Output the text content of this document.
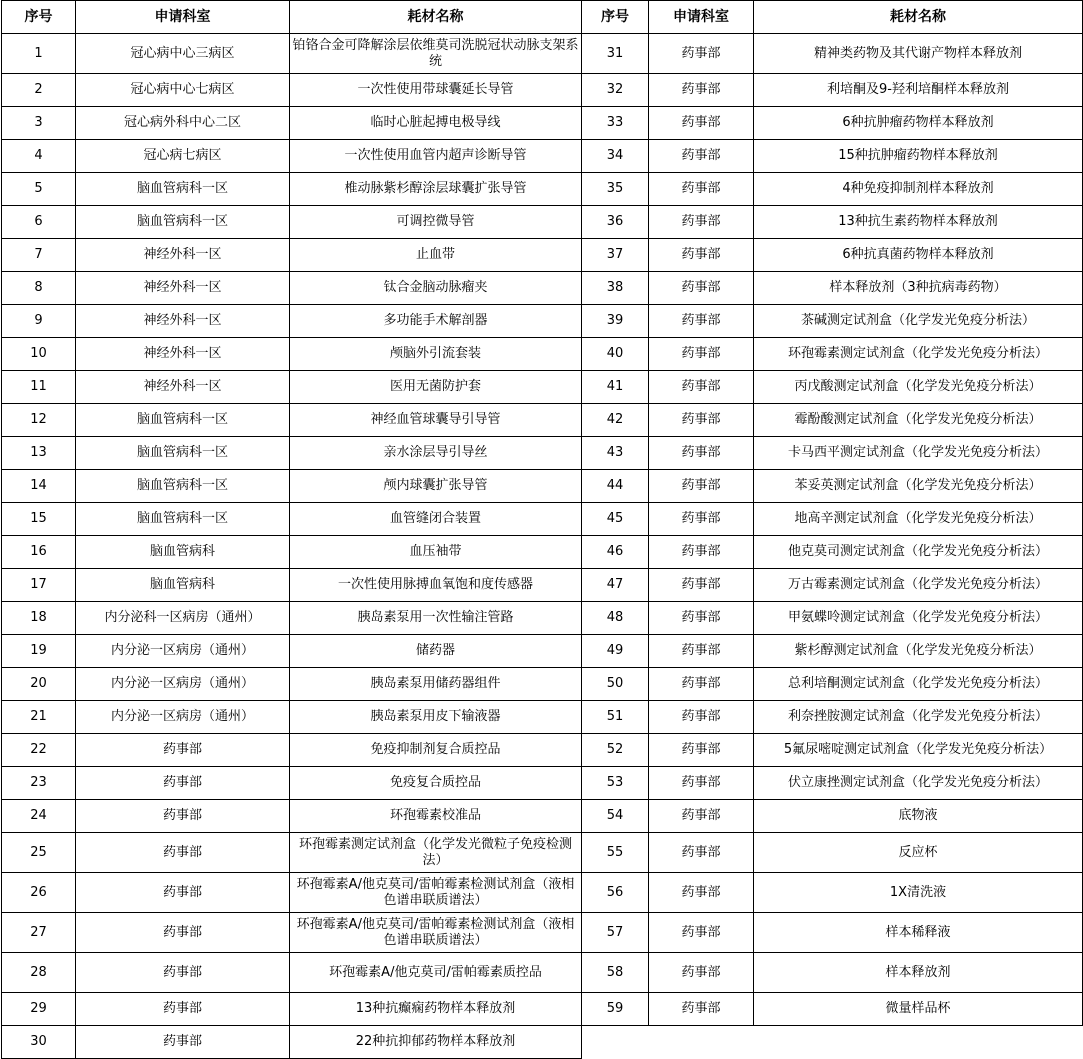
序号	申请科室	耗材名称	序号	申请科室	耗材名称
1	冠心病中心三病区	铂铬合金可降解涂层依维莫司洗脱冠状动脉支架系统	31	药事部	精神类药物及其代谢产物样本释放剂
2	冠心病中心七病区	一次性使用带球囊延长导管	32	药事部	利培酮及9-羟利培酮样本释放剂
3	冠心病外科中心二区	临时心脏起搏电极导线	33	药事部	6种抗肿瘤药物样本释放剂
4	冠心病七病区	一次性使用血管内超声诊断导管	34	药事部	15种抗肿瘤药物样本释放剂
5	脑血管病科一区	椎动脉紫杉醇涂层球囊扩张导管	35	药事部	4种免疫抑制剂样本释放剂
6	脑血管病科一区	可调控微导管	36	药事部	13种抗生素药物样本释放剂
7	神经外科一区	止血带	37	药事部	6种抗真菌药物样本释放剂
8	神经外科一区	钛合金脑动脉瘤夹	38	药事部	样本释放剂（3种抗病毒药物）
9	神经外科一区	多功能手术解剖器	39	药事部	茶碱测定试剂盒（化学发光免疫分析法）
10	神经外科一区	颅脑外引流套装	40	药事部	环孢霉素测定试剂盒（化学发光免疫分析法）
11	神经外科一区	医用无菌防护套	41	药事部	丙戊酸测定试剂盒（化学发光免疫分析法）
12	脑血管病科一区	神经血管球囊导引导管	42	药事部	霉酚酸测定试剂盒（化学发光免疫分析法）
13	脑血管病科一区	亲水涂层导引导丝	43	药事部	卡马西平测定试剂盒（化学发光免疫分析法）
14	脑血管病科一区	颅内球囊扩张导管	44	药事部	苯妥英测定试剂盒（化学发光免疫分析法）
15	脑血管病科一区	血管缝闭合装置	45	药事部	地高辛测定试剂盒（化学发光免疫分析法）
16	脑血管病科	血压袖带	46	药事部	他克莫司测定试剂盒（化学发光免疫分析法）
17	脑血管病科	一次性使用脉搏血氧饱和度传感器	47	药事部	万古霉素测定试剂盒（化学发光免疫分析法）
18	内分泌科一区病房（通州）	胰岛素泵用一次性输注管路	48	药事部	甲氨蝶呤测定试剂盒（化学发光免疫分析法）
19	内分泌一区病房（通州）	储药器	49	药事部	紫杉醇测定试剂盒（化学发光免疫分析法）
20	内分泌一区病房（通州）	胰岛素泵用储药器组件	50	药事部	总利培酮测定试剂盒（化学发光免疫分析法）
21	内分泌一区病房（通州）	胰岛素泵用皮下输液器	51	药事部	利奈挫胺测定试剂盒（化学发光免疫分析法）
22	药事部	免疫抑制剂复合质控品	52	药事部	5氟尿嘧啶测定试剂盒（化学发光免疫分析法）
23	药事部	免疫复合质控品	53	药事部	伏立康挫测定试剂盒（化学发光免疫分析法）
24	药事部	环孢霉素校准品	54	药事部	底物液
25	药事部	环孢霉素测定试剂盒（化学发光微粒子免疫检测法）	55	药事部	反应杯
26	药事部	环孢霉素A/他克莫司/雷帕霉素检测试剂盒（液相色谱串联质谱法）	56	药事部	1X清洗液
27	药事部	环孢霉素A/他克莫司/雷帕霉素检测试剂盒（液相色谱串联质谱法）	57	药事部	样本稀释液
28	药事部	环孢霉素A/他克莫司/雷帕霉素质控品	58	药事部	样本释放剂
29	药事部	13种抗癫痫药物样本释放剂	59	药事部	微量样品杯
30	药事部	22种抗抑郁药物样本释放剂			
